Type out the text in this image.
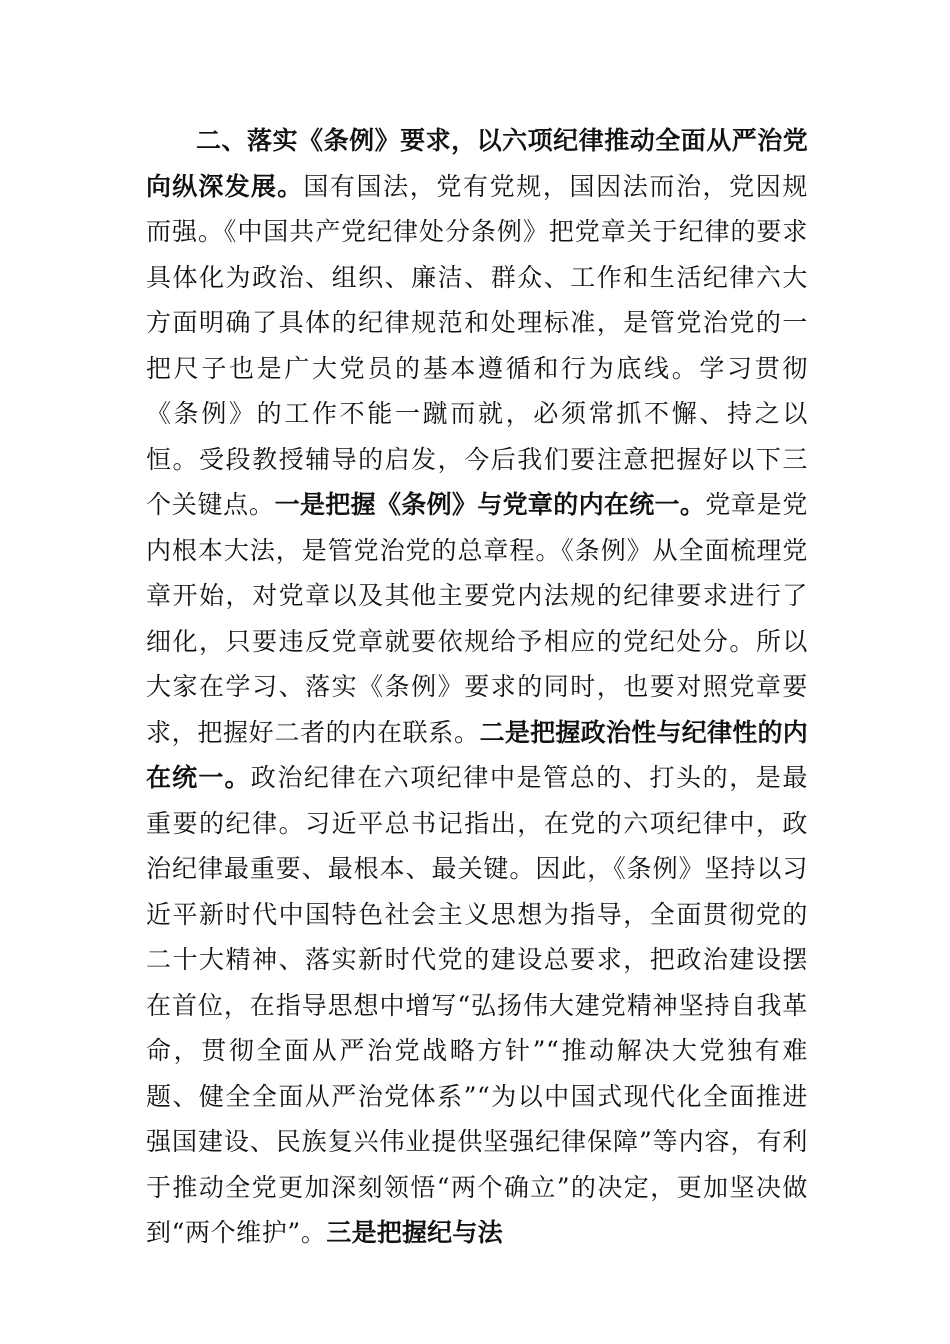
二、落实《条例》要求，以六项纪律推动全面从严治党向纵深发展。国有国法，党有党规，国因法而治，党因规而强。《中国共产党纪律处分条例》把党章关于纪律的要求具体化为政治、组织、廉洁、群众、工作和生活纪律六大方面明确了具体的纪律规范和处理标准，是管党治党的一把尺子也是广大党员的基本遵循和行为底线。学习贯彻《条例》的工作不能一蹴而就，必须常抓不懈、持之以恒。受段教授辅导的启发，今后我们要注意把握好以下三个关键点。一是把握《条例》与党章的内在统一。党章是党内根本大法，是管党治党的总章程。《条例》从全面梳理党章开始，对党章以及其他主要党内法规的纪律要求进行了细化，只要违反党章就要依规给予相应的党纪处分。所以大家在学习、落实《条例》要求的同时，也要对照党章要求，把握好二者的内在联系。二是把握政治性与纪律性的内在统一。政治纪律在六项纪律中是管总的、打头的，是最重要的纪律。习近平总书记指出，在党的六项纪律中，政治纪律最重要、最根本、最关键。因此，《条例》坚持以习近平新时代中国特色社会主义思想为指导，全面贯彻党的二十大精神、落实新时代党的建设总要求，把政治建设摆在首位，在指导思想中增写“弘扬伟大建党精神坚持自我革命，贯彻全面从严治党战略方针”“推动解决大党独有难题、健全全面从严治党体系”“为以中国式现代化全面推进强国建设、民族复兴伟业提供坚强纪律保障”等内容，有利于推动全党更加深刻领悟“两个确立”的决定，更加坚决做到“两个维护”。三是把握纪与法
